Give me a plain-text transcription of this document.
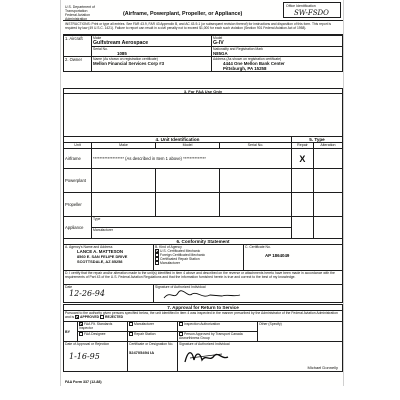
U.S. Department of Transportation Federal Aviation Administration
(Airframe, Powerplant, Propeller, or Appliance)
Office Identification
SW-FSDO
INSTRUCTIONS: Print or type all entries. See FAR 43.9, FAR 43 Appendix B, and AC 43-9-1 (or subsequent revision thereof) for instructions and disposition of this form. This report is required by law (49 U.S.C. 1421). Failure to report can result in a civil penalty not to exceed $1,000 for each such violation (Section 901 Federal Aviation Act of 1958).
1. Aircraft	Make
Gulfstream Aerospace	Model
G-IV

	Serial No.
1085	Nationality and Registration Mark
N85GA

2. Owner	Name (As shown on registration certificate)
Mellon Financial Services Corp #3	Address (As shown on registration certificate)
4444 One Mellon Bank Center
Pittsburgh, PA 15258
3. For FAA Use Only
4. Unit Identification				5. Type	
Unit	Make	Model	Serial No.	Repair	Alteration
Airframe	******************* (As described in Item 1 above) **************			X	
Powerplant					
Propeller					
Appliance	Type				

	Manufacturer				
6. Conformity Statement		

A. Agency's Name and Address
LANCE A. MATTESON
8560 E. SAN FELIPE DRIVE
SCOTTSDALE, AZ 85258	B. Kind of Agency
XU.S. Certificated Mechanic
Foreign Certificated Mechanic
Certificated Repair Station
Manufacturer	C. Certificate No.
AP 1864049

D. I certify that the repair and/or alteration made to the unit(s) identified in item 4 above and described on the reverse or attachments hereto have been made in accordance with the requirements of Part 43 of the U.S. Federal Aviation Regulations and that the information furnished herein is true and correct to the best of my knowledge.		

Date
12-26-94	Signature of Authorized Individual	
7. Approval for Return to Service				
Pursuant to the authority given persons specified below, the unit identified in item 4 was inspected in the manner prescribed by the Administrator of the Federal Aviation Administration and is XAPPROVED REJECTED				
BY	XFAA Flt. Standards Inspector	Manufacturer	Inspection Authorization	Other (Specify)

	FAA Designee	Repair Station	Person Approved by Transport Canada Airworthiness Group	

Date of Approval or Rejection
1-16-95		Certificate or Designation No.
524705494 IA	Signature of Authorized Individual
Michael Donnelly	
FAA Form 337 (12-88)
